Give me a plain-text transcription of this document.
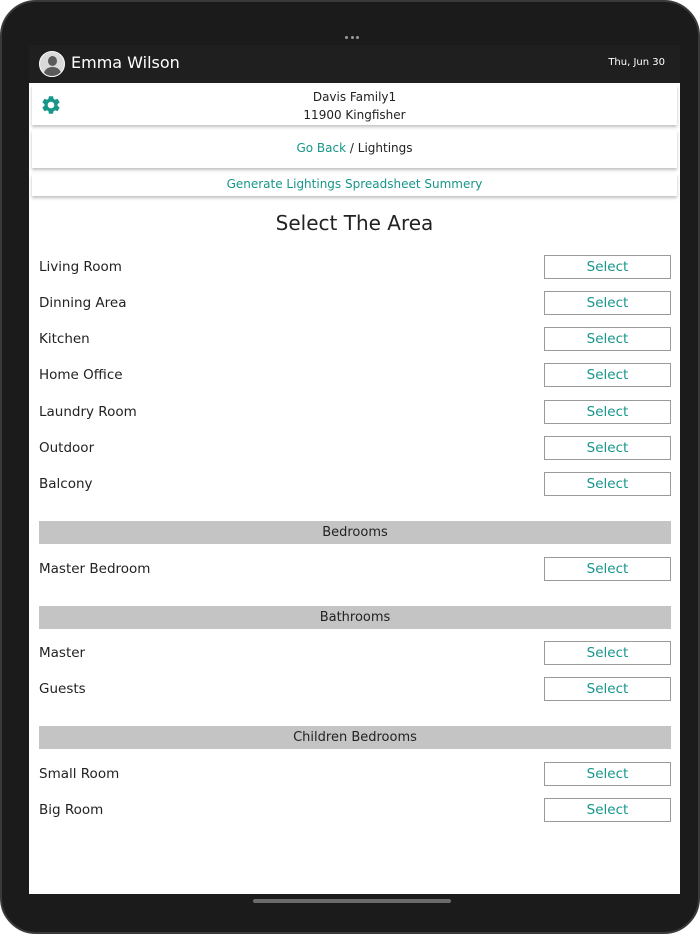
Emma Wilson	Thu, Jun 30
Davis Family1
11900 Kingfisher
Go Back / Lightings
Generate Lightings Spreadsheet Summery
Select The Area
Living Room	Select
Dinning Area	Select
Kitchen	Select
Home Office	Select
Laundry Room	Select
Outdoor	Select
Balcony	Select
Bedrooms
Master Bedroom	Select
Bathrooms
Master	Select
Guests	Select
Children Bedrooms
Small Room	Select
Big Room	Select
